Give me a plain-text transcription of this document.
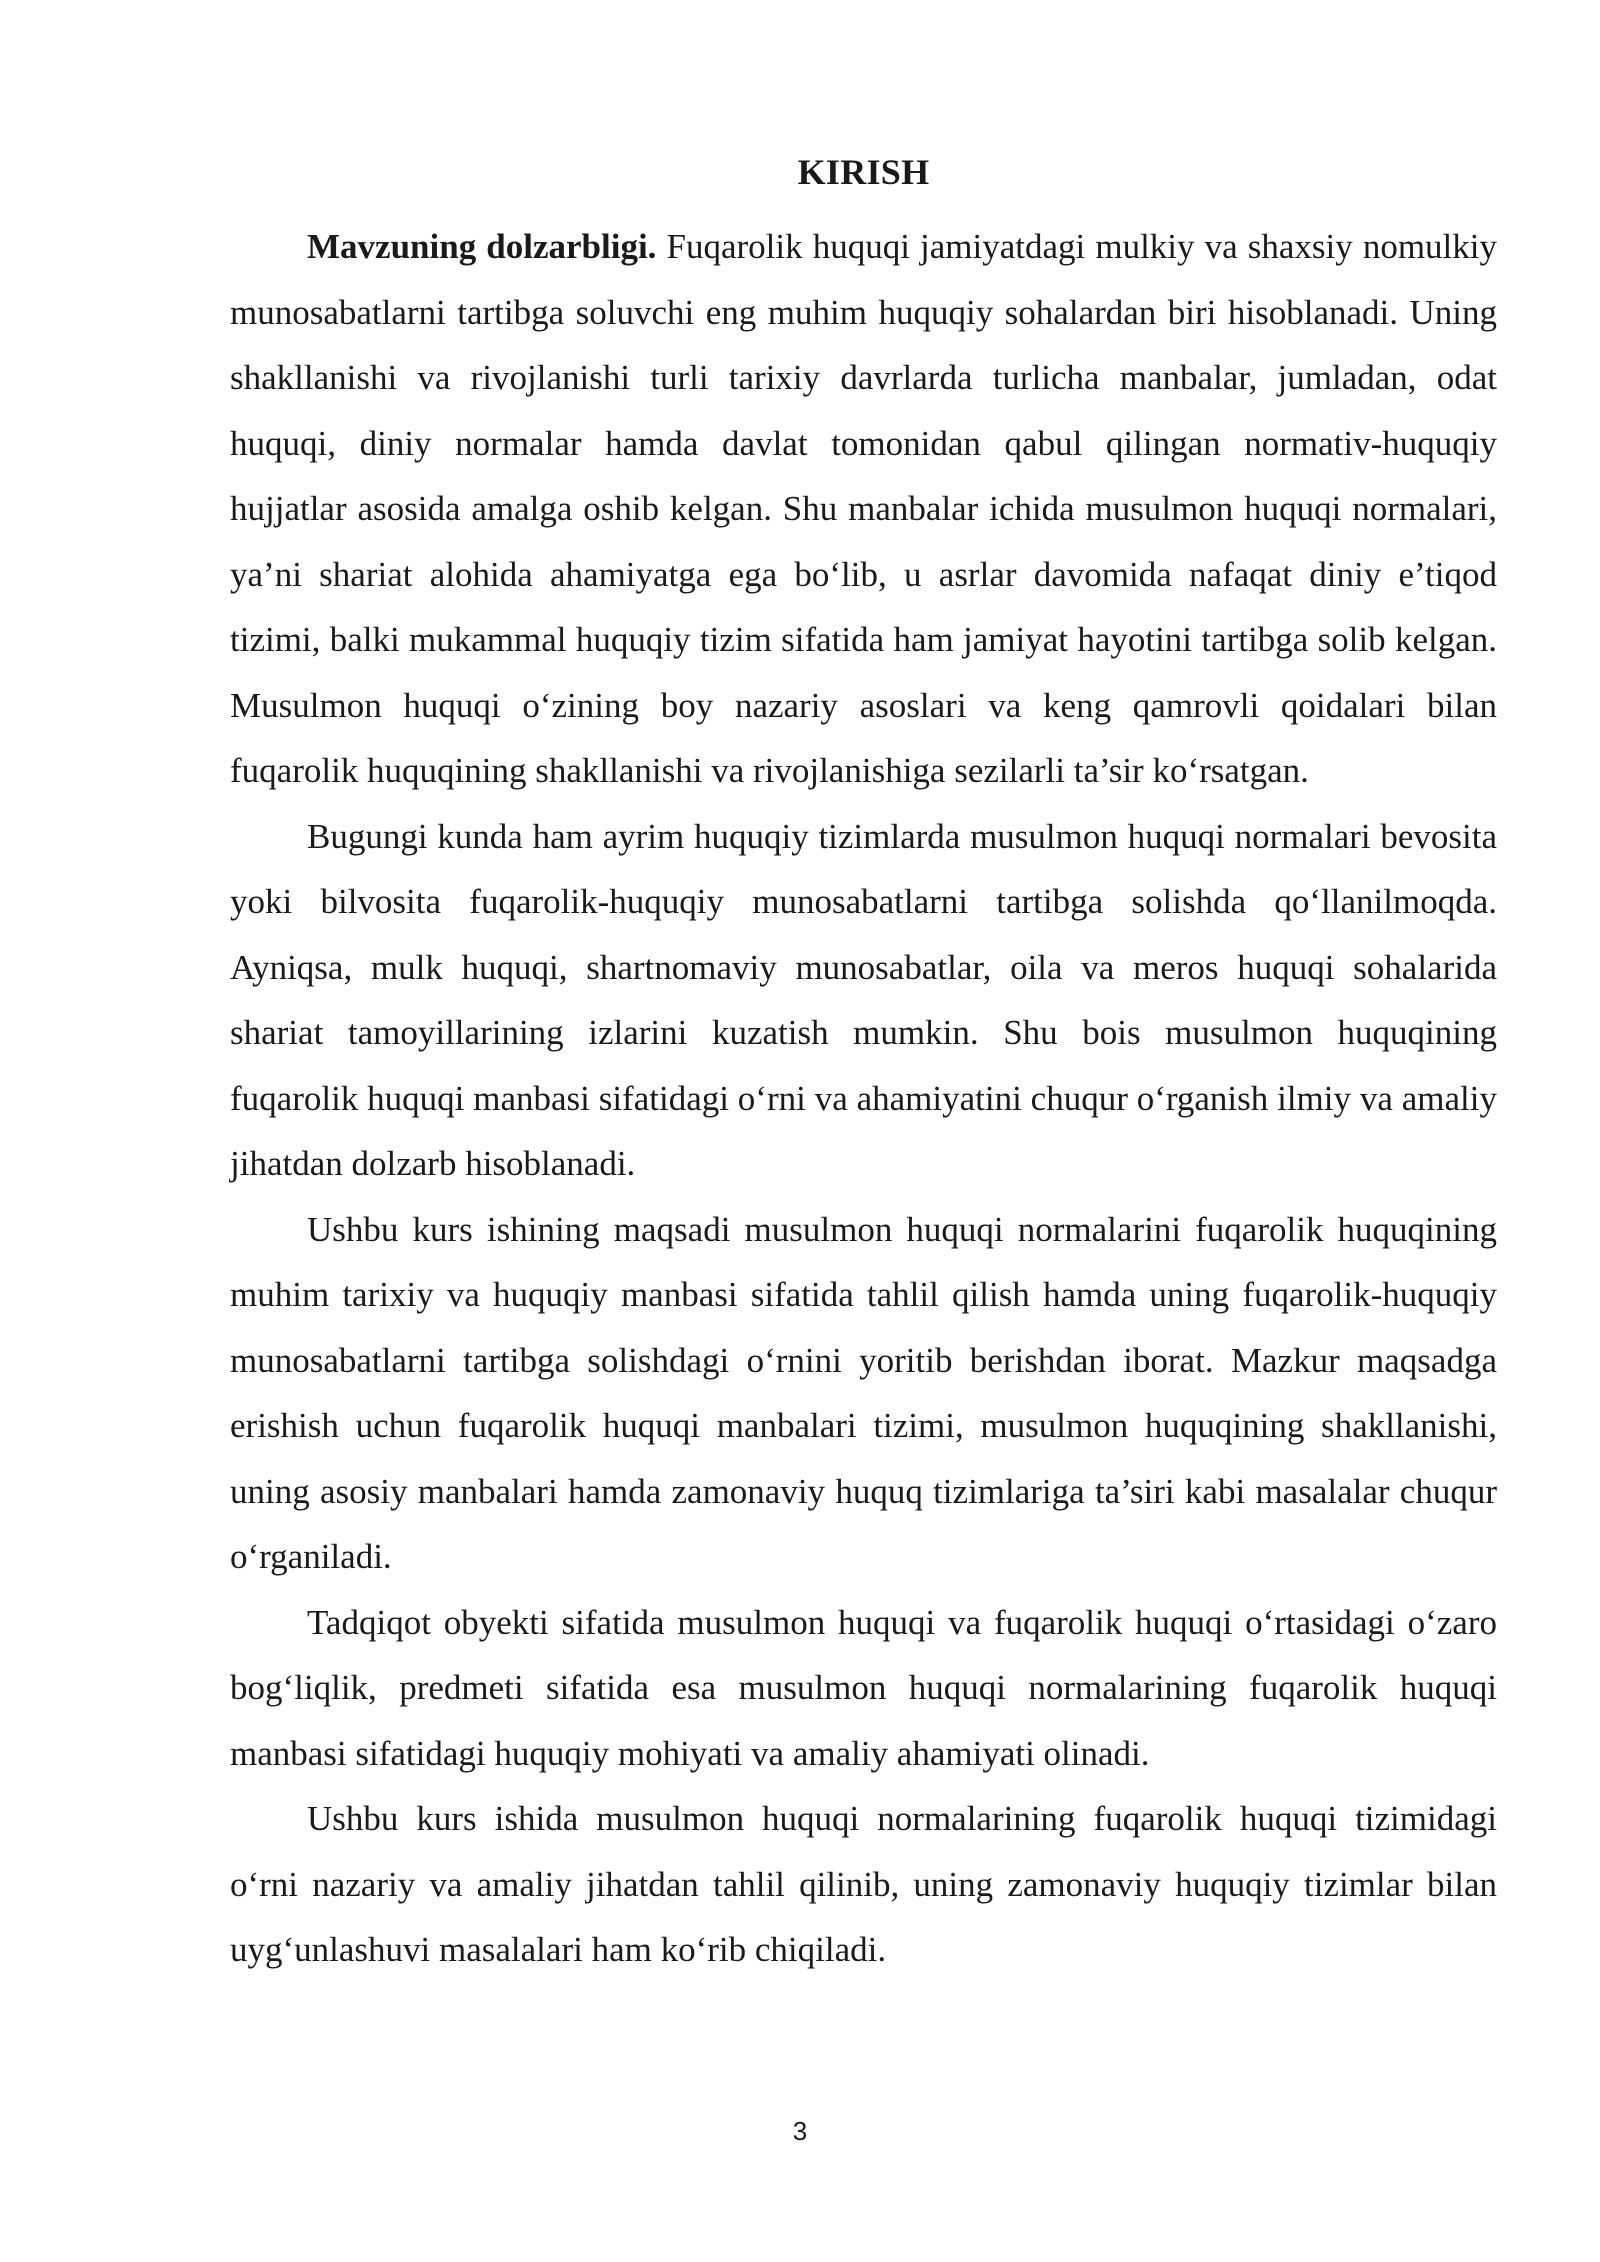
KIRISH

Mavzuning dolzarbligi. Fuqarolik huquqi jamiyatdagi mulkiy va shaxsiy nomulkiy munosabatlarni tartibga soluvchi eng muhim huquqiy sohalardan biri hisoblanadi. Uning shakllanishi va rivojlanishi turli tarixiy davrlarda turlicha manbalar, jumladan, odat huquqi, diniy normalar hamda davlat tomonidan qabul qilingan normativ-huquqiy hujjatlar asosida amalga oshib kelgan. Shu manbalar ichida musulmon huquqi normalari, ya’ni shariat alohida ahamiyatga ega bo‘lib, u asrlar davomida nafaqat diniy e’tiqod tizimi, balki mukammal huquqiy tizim sifatida ham jamiyat hayotini tartibga solib kelgan. Musulmon huquqi o‘zining boy nazariy asoslari va keng qamrovli qoidalari bilan fuqarolik huquqining shakllanishi va rivojlanishiga sezilarli ta’sir ko‘rsatgan.

Bugungi kunda ham ayrim huquqiy tizimlarda musulmon huquqi normalari bevosita yoki bilvosita fuqarolik-huquqiy munosabatlarni tartibga solishda qo‘llanilmoqda. Ayniqsa, mulk huquqi, shartnomaviy munosabatlar, oila va meros huquqi sohalarida shariat tamoyillarining izlarini kuzatish mumkin. Shu bois musulmon huquqining fuqarolik huquqi manbasi sifatidagi o‘rni va ahamiyatini chuqur o‘rganish ilmiy va amaliy jihatdan dolzarb hisoblanadi.

Ushbu kurs ishining maqsadi musulmon huquqi normalarini fuqarolik huquqining muhim tarixiy va huquqiy manbasi sifatida tahlil qilish hamda uning fuqarolik-huquqiy munosabatlarni tartibga solishdagi o‘rnini yoritib berishdan iborat. Mazkur maqsadga erishish uchun fuqarolik huquqi manbalari tizimi, musulmon huquqining shakllanishi, uning asosiy manbalari hamda zamonaviy huquq tizimlariga ta’siri kabi masalalar chuqur o‘rganiladi.

Tadqiqot obyekti sifatida musulmon huquqi va fuqarolik huquqi o‘rtasidagi o‘zaro bog‘liqlik, predmeti sifatida esa musulmon huquqi normalarining fuqarolik huquqi manbasi sifatidagi huquqiy mohiyati va amaliy ahamiyati olinadi.

Ushbu kurs ishida musulmon huquqi normalarining fuqarolik huquqi tizimidagi o‘rni nazariy va amaliy jihatdan tahlil qilinib, uning zamonaviy huquqiy tizimlar bilan uyg‘unlashuvi masalalari ham ko‘rib chiqiladi.

3
